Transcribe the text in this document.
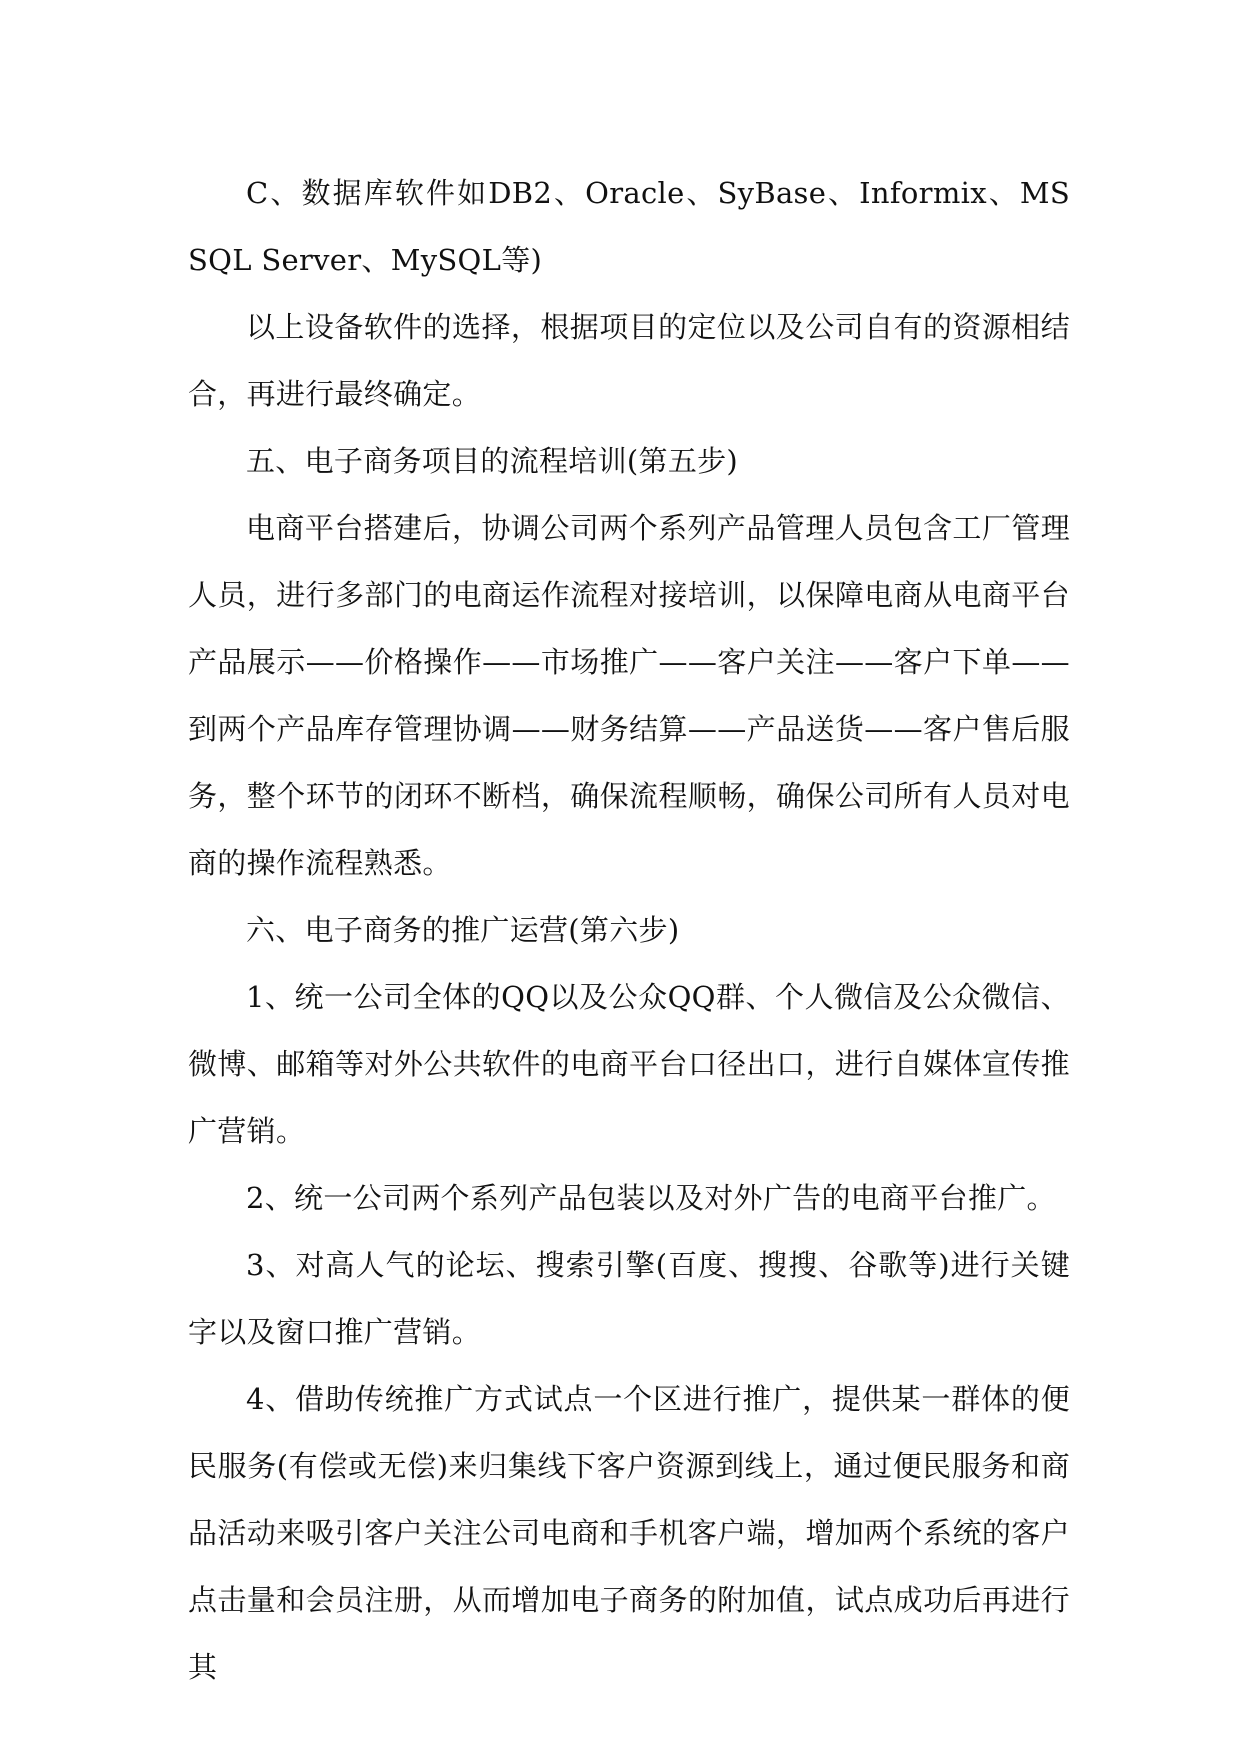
C、数据库软件如DB2、Oracle、SyBase、Informix、MS SQL Server、MySQL等)

以上设备软件的选择，根据项目的定位以及公司自有的资源相结合，再进行最终确定。

五、电子商务项目的流程培训(第五步)

电商平台搭建后，协调公司两个系列产品管理人员包含工厂管理人员，进行多部门的电商运作流程对接培训，以保障电商从电商平台产品展示——价格操作——市场推广——客户关注——客户下单——到两个产品库存管理协调——财务结算——产品送货——客户售后服务，整个环节的闭环不断档，确保流程顺畅，确保公司所有人员对电商的操作流程熟悉。

六、电子商务的推广运营(第六步)

1、统一公司全体的QQ以及公众QQ群、个人微信及公众微信、微博、邮箱等对外公共软件的电商平台口径出口，进行自媒体宣传推广营销。

2、统一公司两个系列产品包装以及对外广告的电商平台推广。

3、对高人气的论坛、搜索引擎(百度、搜搜、谷歌等)进行关键字以及窗口推广营销。

4、借助传统推广方式试点一个区进行推广，提供某一群体的便民服务(有偿或无偿)来归集线下客户资源到线上，通过便民服务和商品活动来吸引客户关注公司电商和手机客户端，增加两个系统的客户点击量和会员注册，从而增加电子商务的附加值，试点成功后再进行其
